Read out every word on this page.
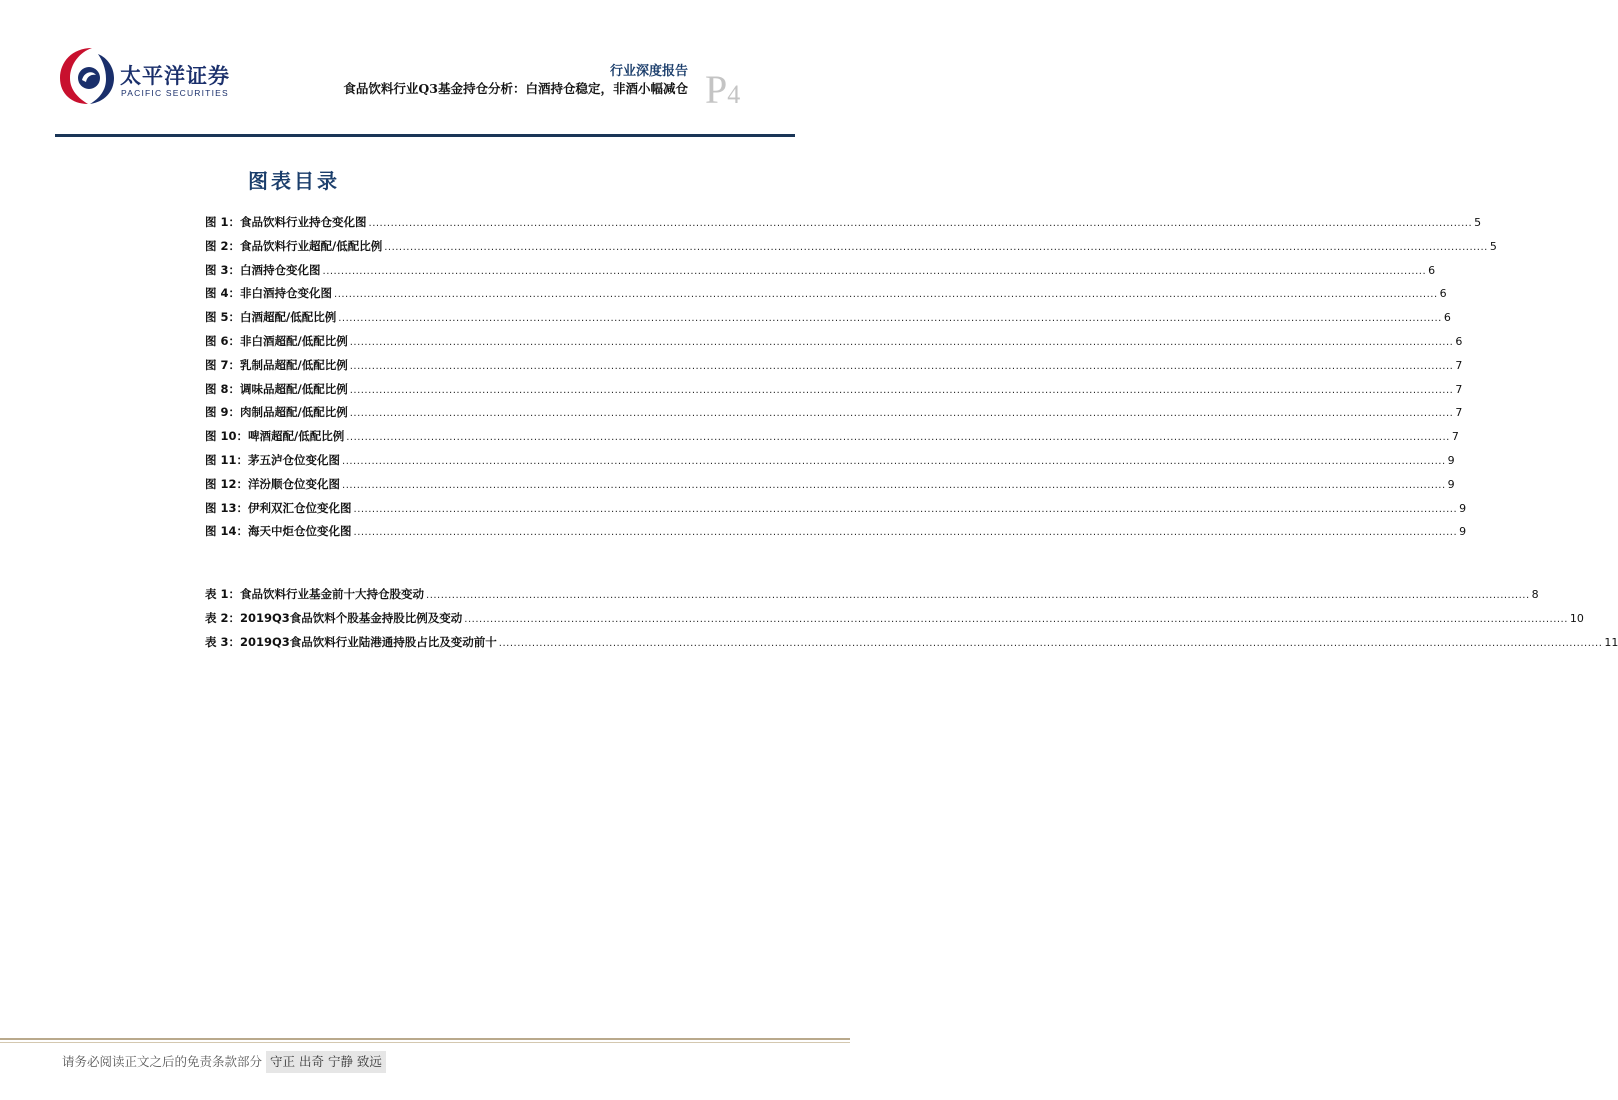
太平洋证券
PACIFIC SECURITIES
行业深度报告
食品饮料行业Q3基金持仓分析：白酒持仓稳定，非酒小幅减仓 P4
图表目录
图 1：食品饮料行业持仓变化图 ............................................................................................................................................................................................................................................................................................................ 5
图 2：食品饮料行业超配/低配比例 ............................................................................................................................................................................................................................................................................................................ 5
图 3：白酒持仓变化图 ............................................................................................................................................................................................................................................................................................................ 6
图 4：非白酒持仓变化图 ............................................................................................................................................................................................................................................................................................................ 6
图 5：白酒超配/低配比例 ............................................................................................................................................................................................................................................................................................................ 6
图 6：非白酒超配/低配比例 ............................................................................................................................................................................................................................................................................................................ 6
图 7：乳制品超配/低配比例 ............................................................................................................................................................................................................................................................................................................ 7
图 8：调味品超配/低配比例 ............................................................................................................................................................................................................................................................................................................ 7
图 9：肉制品超配/低配比例 ............................................................................................................................................................................................................................................................................................................ 7
图 10：啤酒超配/低配比例 ............................................................................................................................................................................................................................................................................................................ 7
图 11：茅五泸仓位变化图 ............................................................................................................................................................................................................................................................................................................ 9
图 12：洋汾顺仓位变化图 ............................................................................................................................................................................................................................................................................................................ 9
图 13：伊利双汇仓位变化图 ............................................................................................................................................................................................................................................................................................................ 9
图 14：海天中炬仓位变化图 ............................................................................................................................................................................................................................................................................................................ 9
表 1：食品饮料行业基金前十大持仓股变动 ............................................................................................................................................................................................................................................................................................................ 8
表 2：2019Q3食品饮料个股基金持股比例及变动 ............................................................................................................................................................................................................................................................................................................ 10
表 3：2019Q3食品饮料行业陆港通持股占比及变动前十 ............................................................................................................................................................................................................................................................................................................ 11
请务必阅读正文之后的免责条款部分 守正 出奇 宁静 致远
